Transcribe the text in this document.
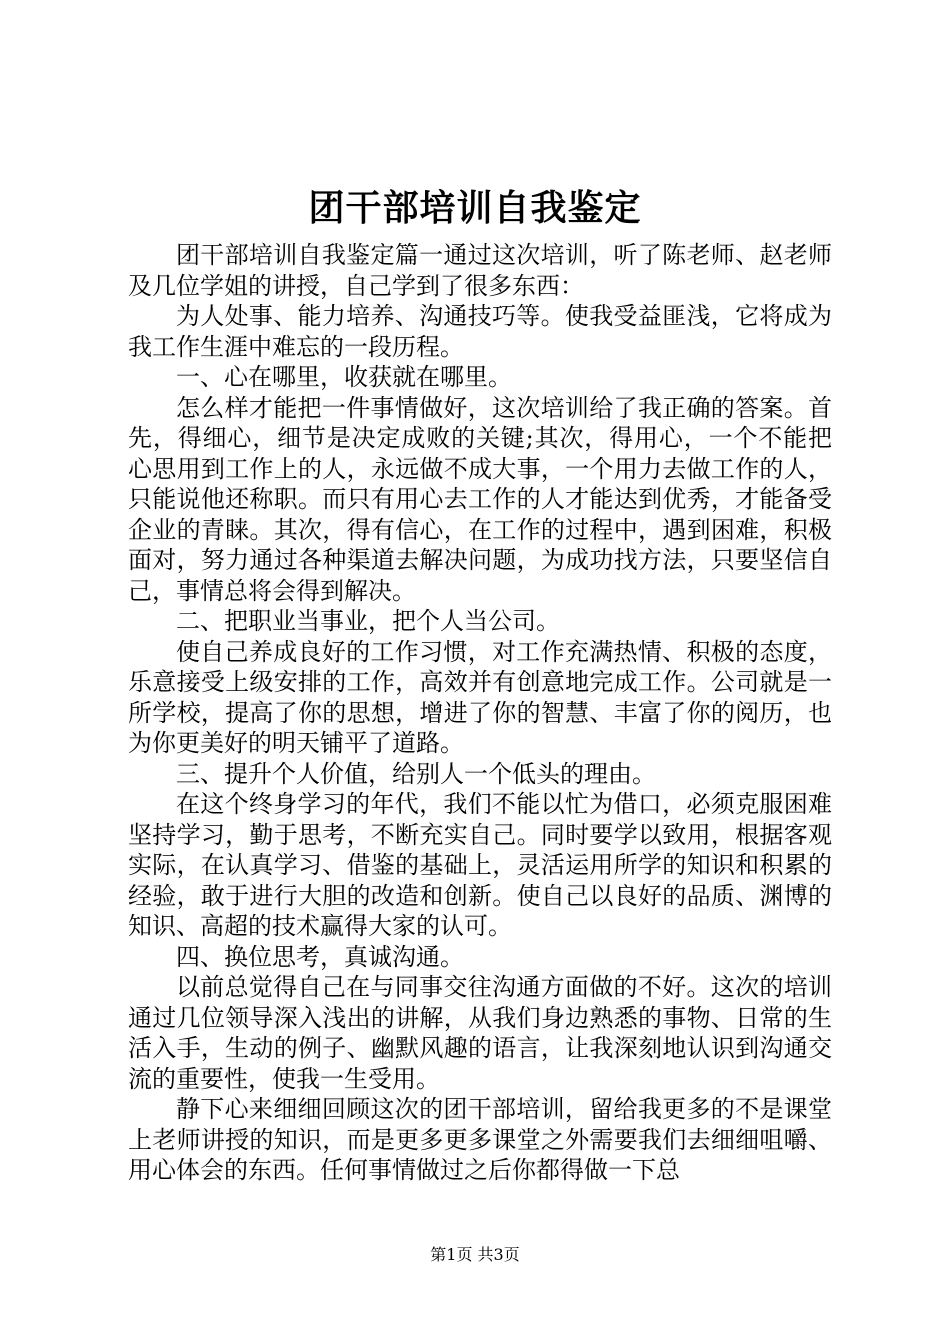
团干部培训自我鉴定

团干部培训自我鉴定篇一通过这次培训，听了陈老师、赵老师及几位学姐的讲授，自己学到了很多东西：

为人处事、能力培养、沟通技巧等。使我受益匪浅，它将成为我工作生涯中难忘的一段历程。

一、心在哪里，收获就在哪里。

怎么样才能把一件事情做好，这次培训给了我正确的答案。首先，得细心，细节是决定成败的关键;其次，得用心，一个不能把心思用到工作上的人，永远做不成大事，一个用力去做工作的人，只能说他还称职。而只有用心去工作的人才能达到优秀，才能备受企业的青睐。其次，得有信心，在工作的过程中，遇到困难，积极面对，努力通过各种渠道去解决问题，为成功找方法，只要坚信自己，事情总将会得到解决。

二、把职业当事业，把个人当公司。

使自己养成良好的工作习惯，对工作充满热情、积极的态度，乐意接受上级安排的工作，高效并有创意地完成工作。公司就是一所学校，提高了你的思想，增进了你的智慧、丰富了你的阅历，也为你更美好的明天铺平了道路。

三、提升个人价值，给别人一个低头的理由。

在这个终身学习的年代，我们不能以忙为借口，必须克服困难坚持学习，勤于思考，不断充实自己。同时要学以致用，根据客观实际，在认真学习、借鉴的基础上，灵活运用所学的知识和积累的经验，敢于进行大胆的改造和创新。使自己以良好的品质、渊博的知识、高超的技术赢得大家的认可。

四、换位思考，真诚沟通。

以前总觉得自己在与同事交往沟通方面做的不好。这次的培训通过几位领导深入浅出的讲解，从我们身边熟悉的事物、日常的生活入手，生动的例子、幽默风趣的语言，让我深刻地认识到沟通交流的重要性，使我一生受用。

静下心来细细回顾这次的团干部培训，留给我更多的不是课堂上老师讲授的知识，而是更多更多课堂之外需要我们去细细咀嚼、用心体会的东西。任何事情做过之后你都得做一下总

第1页 共3页
